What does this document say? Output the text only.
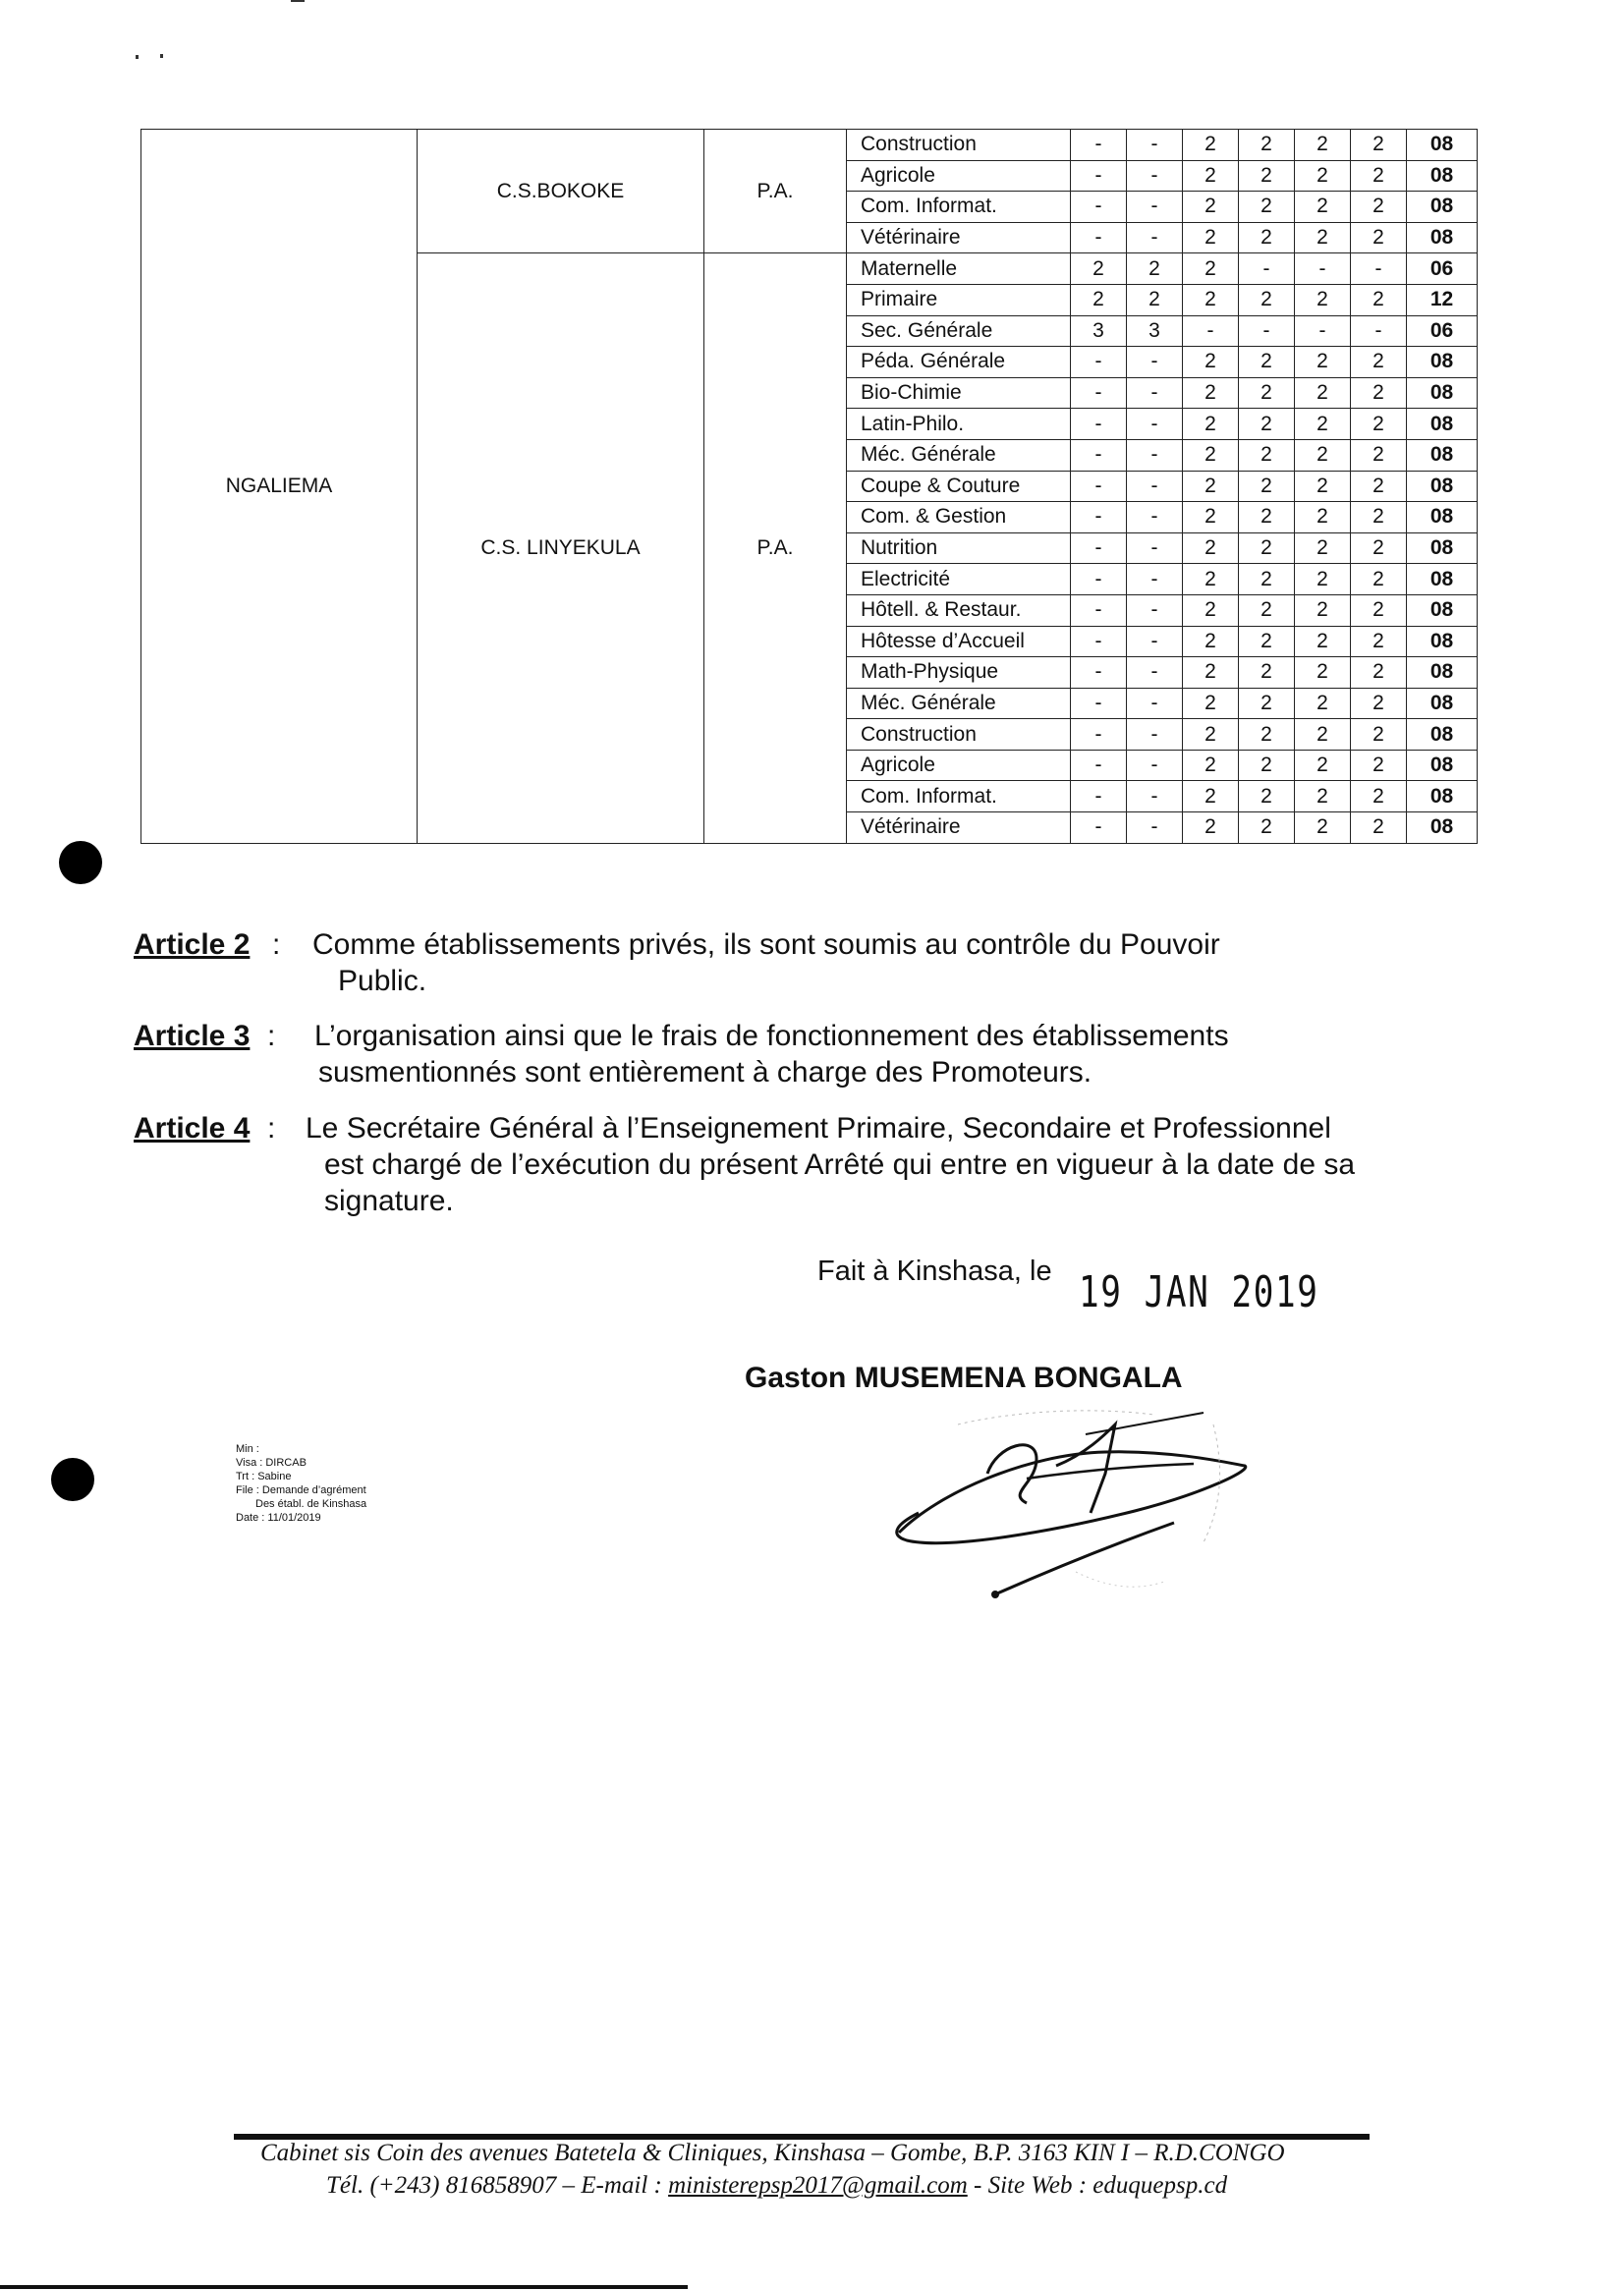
NGALIEMA	C.S.BOKOKE	P.A.	Construction	-	-	2	2	2	2	08
			Agricole	-	-	2	2	2	2	08
			Com. Informat.	-	-	2	2	2	2	08
			Vétérinaire	-	-	2	2	2	2	08
	C.S. LINYEKULA	P.A.	Maternelle	2	2	2	-	-	-	06
			Primaire	2	2	2	2	2	2	12
			Sec. Générale	3	3	-	-	-	-	06
			Péda. Générale	-	-	2	2	2	2	08
			Bio-Chimie	-	-	2	2	2	2	08
			Latin-Philo.	-	-	2	2	2	2	08
			Méc. Générale	-	-	2	2	2	2	08
			Coupe & Couture	-	-	2	2	2	2	08
			Com. & Gestion	-	-	2	2	2	2	08
			Nutrition	-	-	2	2	2	2	08
			Electricité	-	-	2	2	2	2	08
			Hôtell. & Restaur.	-	-	2	2	2	2	08
			Hôtesse d’Accueil	-	-	2	2	2	2	08
			Math-Physique	-	-	2	2	2	2	08
			Méc. Générale	-	-	2	2	2	2	08
			Construction	-	-	2	2	2	2	08
			Agricole	-	-	2	2	2	2	08
			Com. Informat.	-	-	2	2	2	2	08
			Vétérinaire	-	-	2	2	2	2	08
Article 2 : Comme établissements privés, ils sont soumis au contrôle du Pouvoir
Public.
Article 3 : L’organisation ainsi que le frais de fonctionnement des établissements
susmentionnés sont entièrement à charge des Promoteurs.
Article 4 : Le Secrétaire Général à l’Enseignement Primaire, Secondaire et Professionnel
est chargé de l’exécution du présent Arrêté qui entre en vigueur à la date de sa
signature.
Fait à Kinshasa, le 19 JAN 2019
Gaston MUSEMENA BONGALA
Min :
Visa : DIRCAB
Trt : Sabine
File : Demande d’agrément
Des établ. de Kinshasa
Date : 11/01/2019
Cabinet sis Coin des avenues Batetela & Cliniques, Kinshasa – Gombe, B.P. 3163 KIN I – R.D.CONGO
Tél. (+243) 816858907 – E-mail : ministerepsp2017@gmail.com - Site Web : eduquepsp.cd
